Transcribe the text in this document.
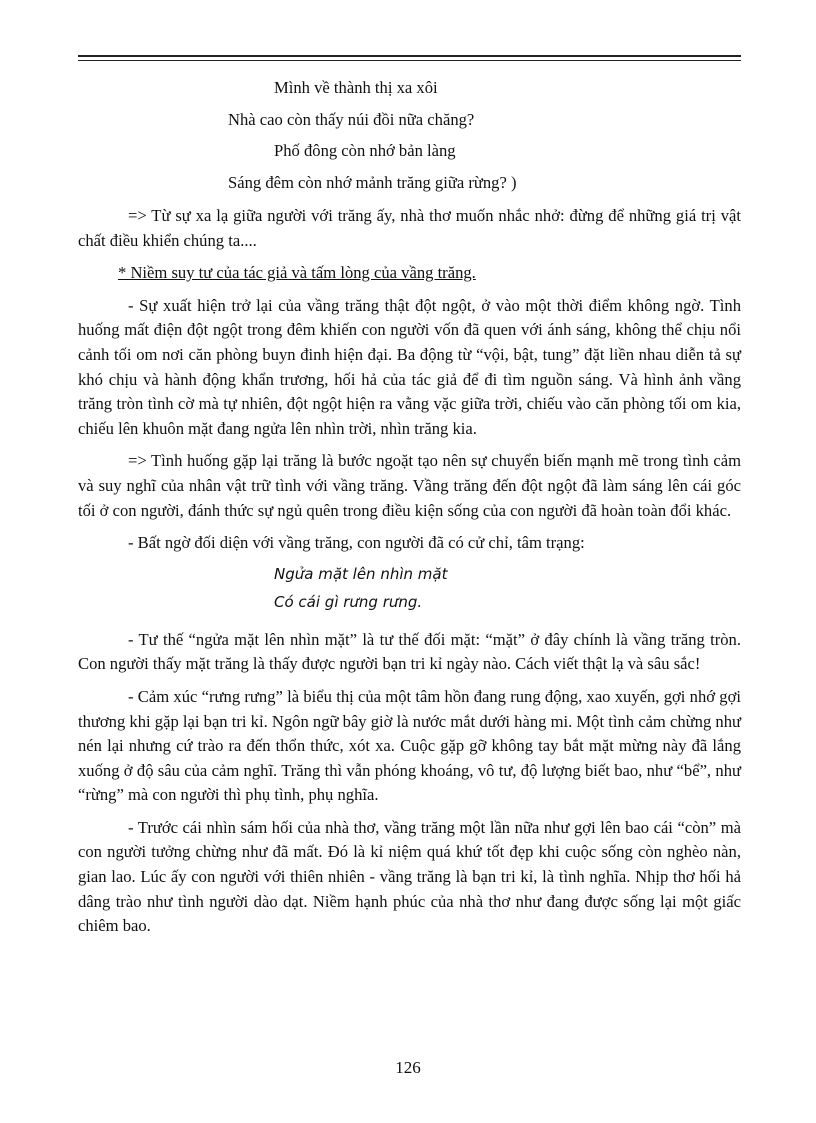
Mình về thành thị xa xôi
Nhà cao còn thấy núi đồi nữa chăng?
Phố đông còn nhớ bản làng
Sáng đêm còn nhớ mảnh trăng giữa rừng? )

=> Từ sự xa lạ giữa người với trăng ấy, nhà thơ muốn nhắc nhở: đừng để những giá trị vật chất điều khiển chúng ta....

* Niềm suy tư của tác giả và tấm lòng của vầng trăng.

- Sự xuất hiện trở lại của vầng trăng thật đột ngột, ở vào một thời điểm không ngờ. Tình huống mất điện đột ngột trong đêm khiến con người vốn đã quen với ánh sáng, không thể chịu nổi cảnh tối om nơi căn phòng buyn đinh hiện đại. Ba động từ “vội, bật, tung” đặt liền nhau diễn tả sự khó chịu và hành động khẩn trương, hối hả của tác giả để đi tìm nguồn sáng. Và hình ảnh vầng trăng tròn tình cờ mà tự nhiên, đột ngột hiện ra vằng vặc giữa trời, chiếu vào căn phòng tối om kia, chiếu lên khuôn mặt đang ngửa lên nhìn trời, nhìn trăng kia.

=> Tình huống gặp lại trăng là bước ngoặt tạo nên sự chuyển biến mạnh mẽ trong tình cảm và suy nghĩ của nhân vật trữ tình với vầng trăng. Vầng trăng đến đột ngột đã làm sáng lên cái góc tối ở con người, đánh thức sự ngủ quên trong điều kiện sống của con người đã hoàn toàn đổi khác.

- Bất ngờ đối diện với vầng trăng, con người đã có cử chỉ, tâm trạng:

Ngửa mặt lên nhìn mặt
Có cái gì rưng rưng.

- Tư thế “ngửa mặt lên nhìn mặt” là tư thế đối mặt: “mặt” ở đây chính là vầng trăng tròn. Con người thấy mặt trăng là thấy được người bạn tri kỉ ngày nào. Cách viết thật lạ và sâu sắc!

- Cảm xúc “rưng rưng” là biểu thị của một tâm hồn đang rung động, xao xuyến, gợi nhớ gợi thương khi gặp lại bạn tri kỉ. Ngôn ngữ bây giờ là nước mắt dưới hàng mi. Một tình cảm chừng như nén lại nhưng cứ trào ra đến thổn thức, xót xa. Cuộc gặp gỡ không tay bắt mặt mừng này đã lắng xuống ở độ sâu của cảm nghĩ. Trăng thì vẫn phóng khoáng, vô tư, độ lượng biết bao, như “bể”, như “rừng” mà con người thì phụ tình, phụ nghĩa.

- Trước cái nhìn sám hối của nhà thơ, vầng trăng một lần nữa như gợi lên bao cái “còn” mà con người tưởng chừng như đã mất. Đó là kỉ niệm quá khứ tốt đẹp khi cuộc sống còn nghèo nàn, gian lao. Lúc ấy con người với thiên nhiên - vầng trăng là bạn tri kỉ, là tình nghĩa. Nhịp thơ hối hả dâng trào như tình người dào dạt. Niềm hạnh phúc của nhà thơ như đang được sống lại một giấc chiêm bao.

126
